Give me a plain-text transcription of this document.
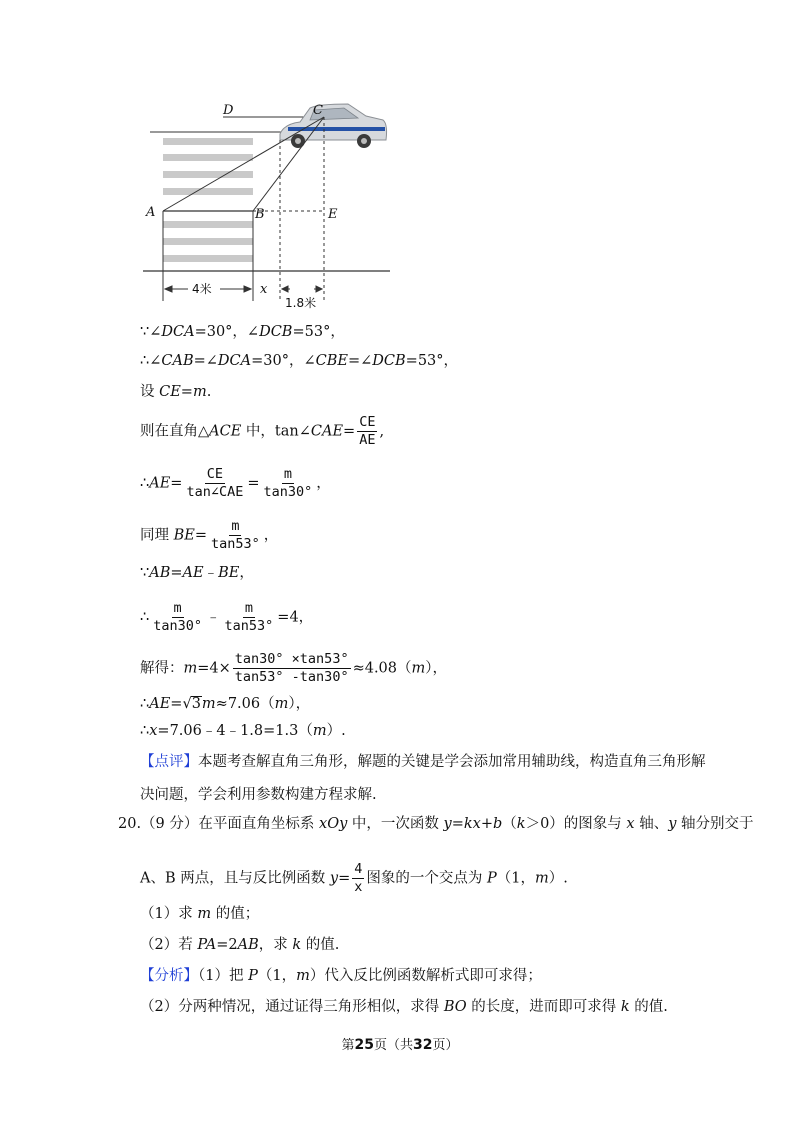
D	C
A	B	E
x
4米
1.8米
∵∠DCA=30°，∠DCB=53°，
∴∠CAB=∠DCA=30°，∠CBE=∠DCB=53°，
设 CE=m.
则在直角△ACE 中，tan∠CAE= $\frac{CE}{AE}$ ,
∴AE= $\frac{CE}{\text{tan∠CAE}} = \frac{m}{\tan 30^\circ}$ ，
同理 $BE= \frac{m}{\tan 53^\circ}$ ，
∵AB=AE﹣BE，
∴ $\frac{m}{\tan 30^\circ}$ ﹣ $\frac{m}{\tan 53^\circ} =4$，
解得：$m=4\times \frac{\tan 30^\circ \times\tan 53^\circ}{\tan 53^\circ -\tan 30^\circ} \approx 4.08(m)$，
∴AE=√3m≈7.06（m），
∴x=7.06﹣4﹣1.8=1.3（m）.
【点评】本题考查解直角三角形，解题的关键是学会添加常用辅助线，构造直角三角形解
决问题，学会利用参数构建方程求解.
20.（9 分）在平面直角坐标系 xOy 中，一次函数 y=kx+b（k＞0）的图象与 x 轴、y 轴分别交于
A、B 两点，且与反比例函数 $y= \frac{4}{x}$ 图象的一个交点为 P（1，m）.
（1）求 m 的值；
（2）若 PA=2AB，求 k 的值.
【分析】（1）把 P（1，m）代入反比例函数解析式即可求得；
（2）分两种情况，通过证得三角形相似，求得 BO 的长度，进而即可求得 k 的值.
第25页（共32页）
